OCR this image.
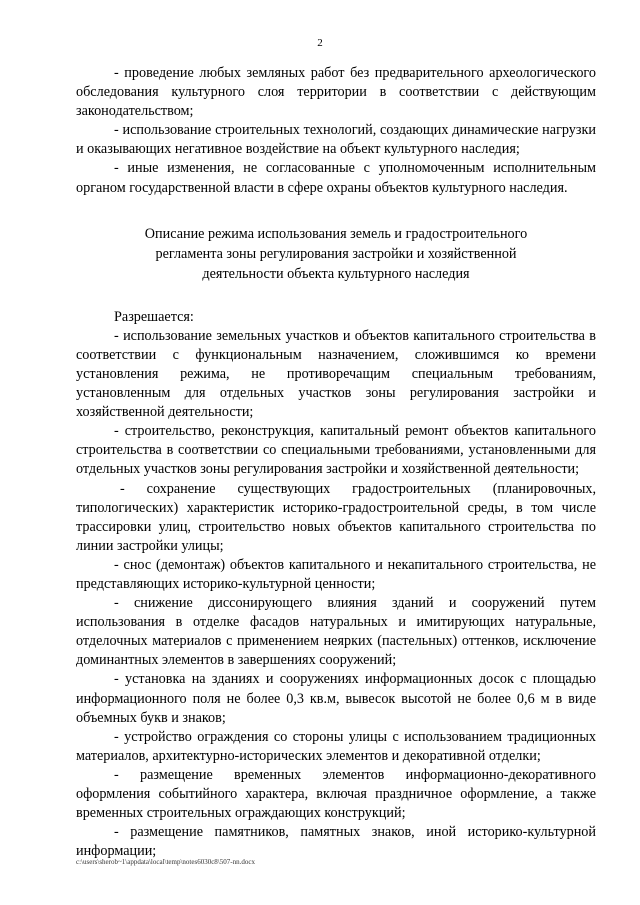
2

- проведение любых земляных работ без предварительного археологического обследования культурного слоя территории в соответствии с действующим законодательством;

- использование строительных технологий, создающих динамические нагрузки и оказывающих негативное воздействие на объект культурного наследия;

- иные изменения, не согласованные с уполномоченным исполнительным органом государственной власти в сфере охраны объектов культурного наследия.

Описание режима использования земель и градостроительного
регламента зоны регулирования застройки и хозяйственной
деятельности объекта культурного наследия

Разрешается:

- использование земельных участков и объектов капитального строительства в соответствии с функциональным назначением, сложившимся ко времени установления режима, не противоречащим специальным требованиям, установленным для отдельных участков зоны регулирования застройки и хозяйственной деятельности;

- строительство, реконструкция, капитальный ремонт объектов капитального строительства в соответствии со специальными требованиями, установленными для отдельных участков зоны регулирования застройки и хозяйственной деятельности;

- сохранение существующих градостроительных (планировочных, типологических) характеристик историко-градостроительной среды, в том числе трассировки улиц, строительство новых объектов капитального строительства по линии застройки улицы;

- снос (демонтаж) объектов капитального и некапитального строительства, не представляющих историко-культурной ценности;

- снижение диссонирующего влияния зданий и сооружений путем использования в отделке фасадов натуральных и имитирующих натуральные, отделочных материалов с применением неярких (пастельных) оттенков, исключение доминантных элементов в завершениях сооружений;

- установка на зданиях и сооружениях информационных досок с площадью информационного поля не более 0,3 кв.м, вывесок высотой не более 0,6 м в виде объемных букв и знаков;

- устройство ограждения со стороны улицы с использованием традиционных материалов, архитектурно-исторических элементов и декоративной отделки;

- размещение временных элементов информационно-декоративного оформления событийного характера, включая праздничное оформление, а также временных строительных ограждающих конструкций;

- размещение памятников, памятных знаков, иной историко-культурной информации;

c:\users\sherob~1\appdata\local\temp\notes6030c8\507-nn.docx
